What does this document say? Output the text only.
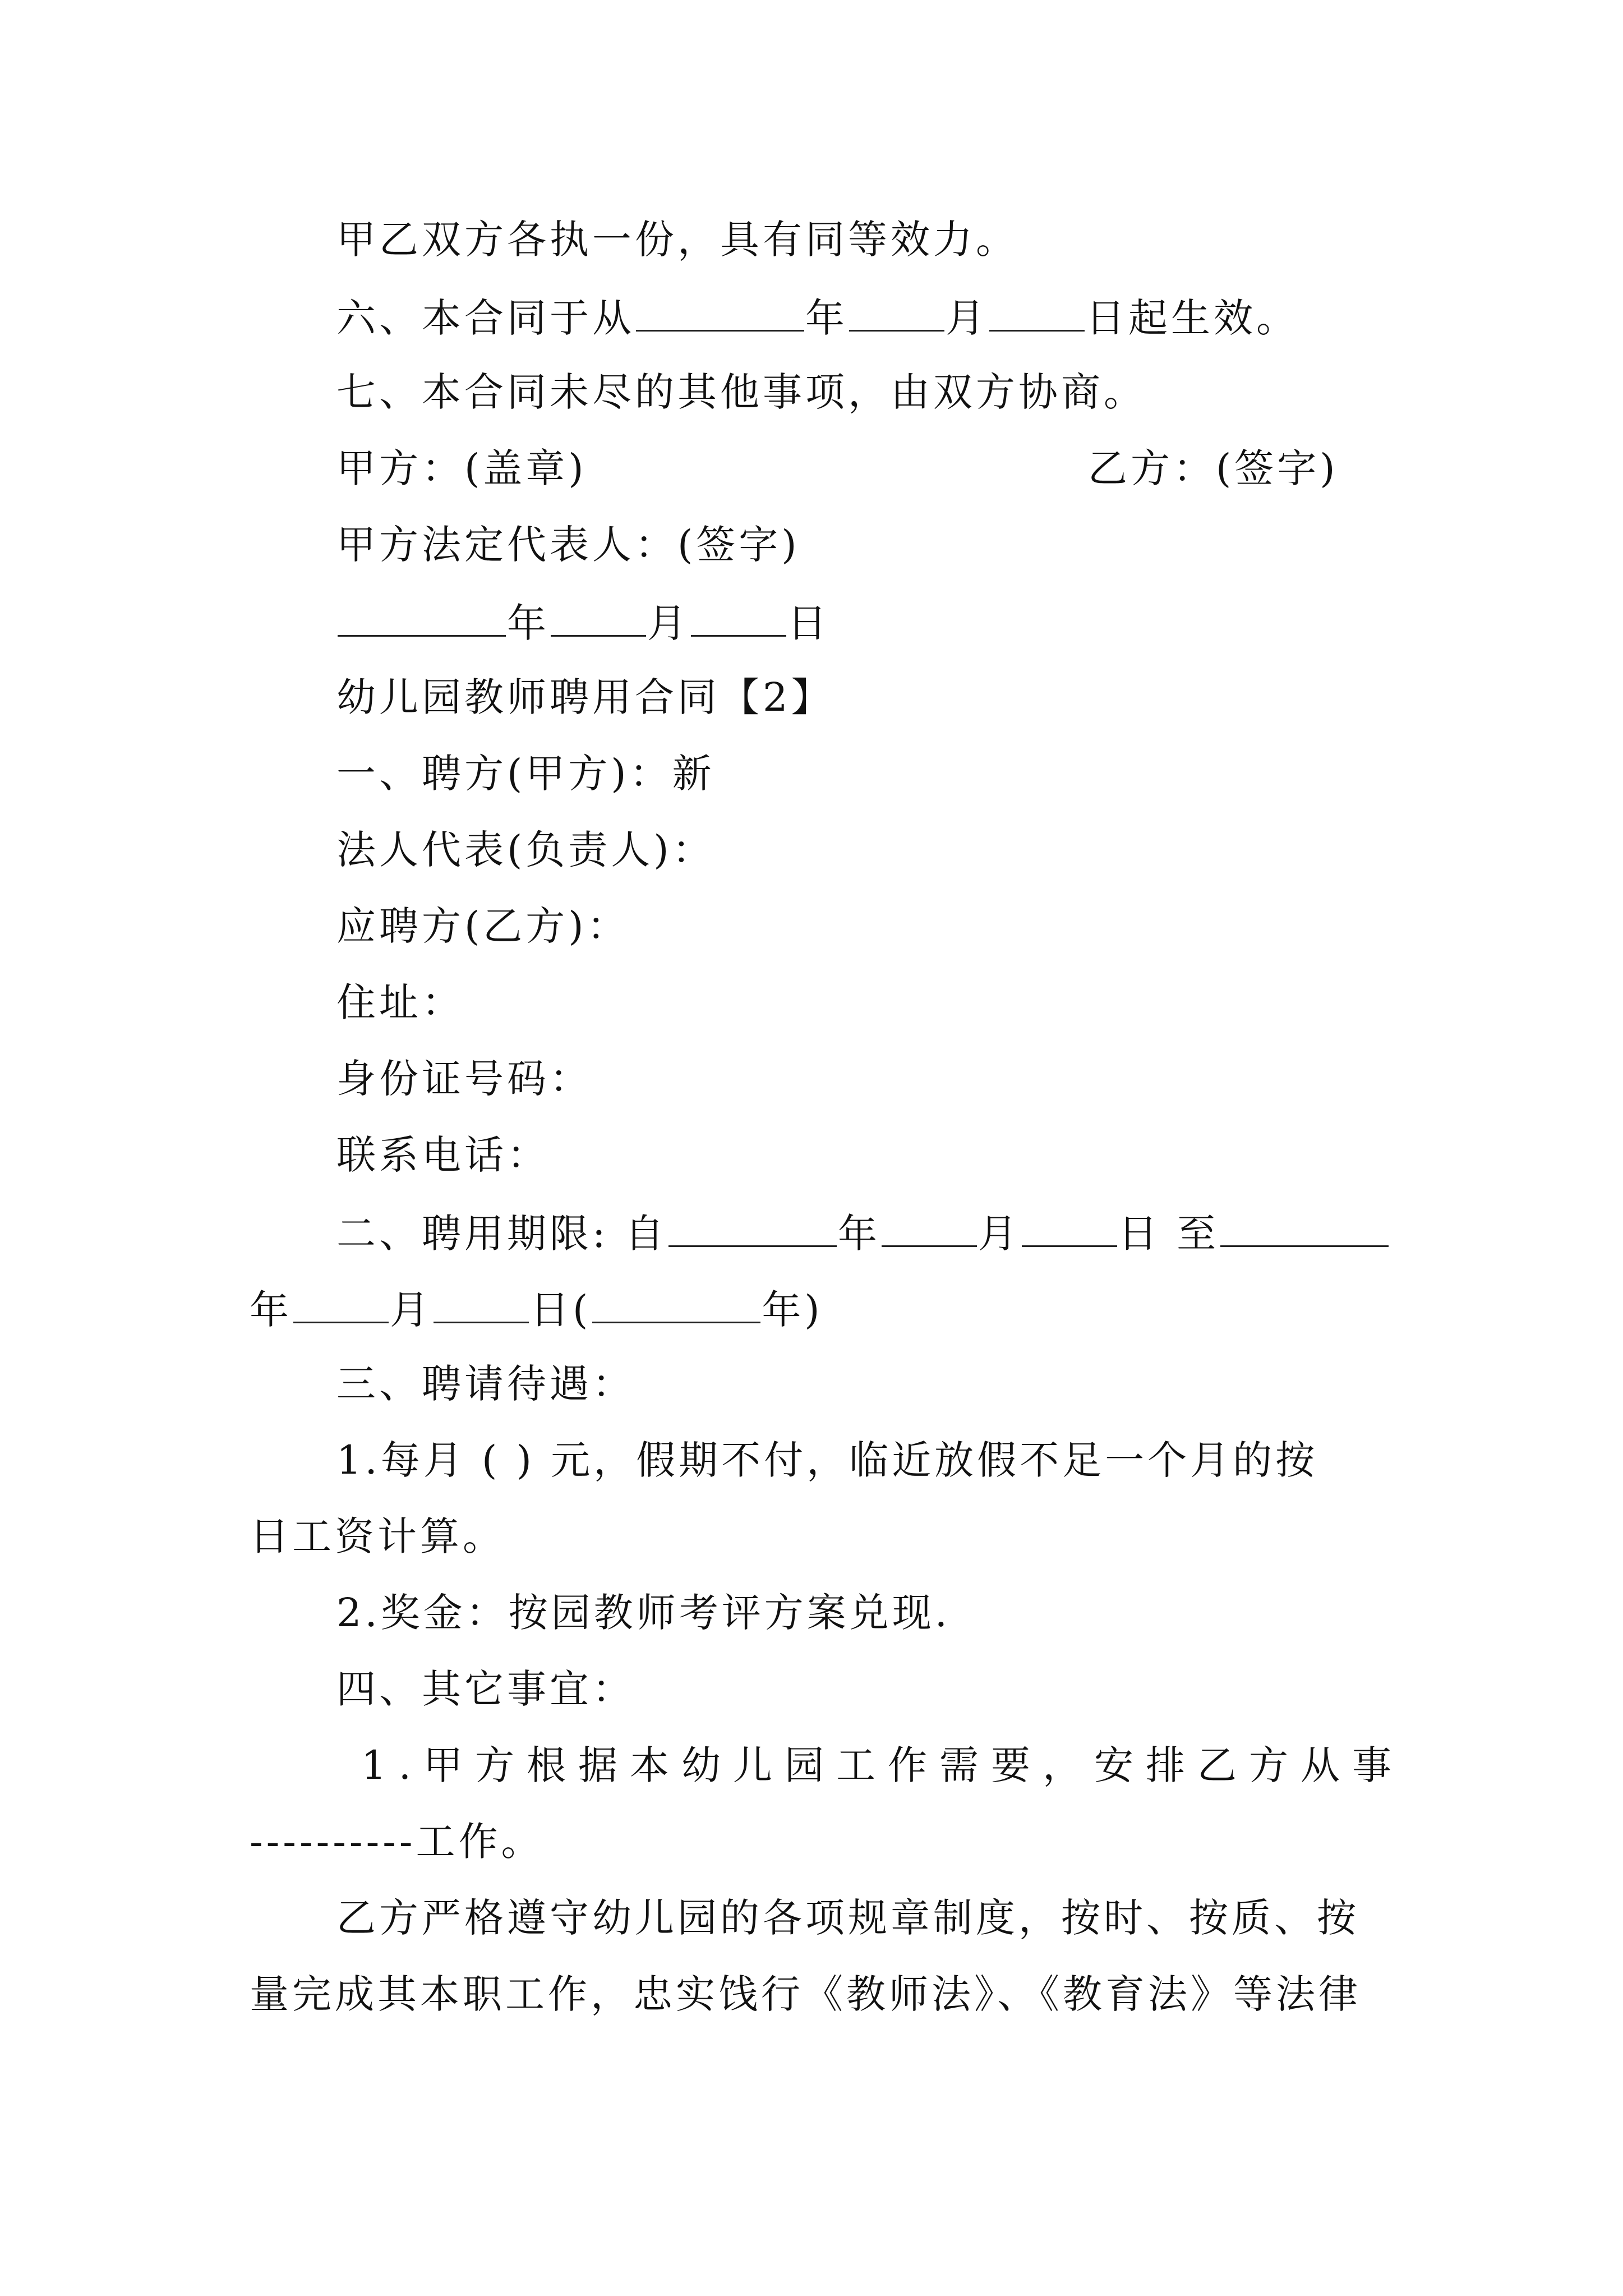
甲乙双方各执一份，具有同等效力。
六、本合同于从	年 月 日起生效。
七、本合同未尽的其他事项，由双方协商。
甲方：(盖章)	乙方：(签字)
甲方法定代表人：(签字)
年 月 日
幼儿园教师聘用合同【2】
一、聘方(甲方)：新
法人代表(负责人)：
应聘方(乙方)：
住址：
身份证号码：
联系电话：
二、聘用期限: 自	年 月 日 至
年 月 日(	年)
三、聘请待遇：
1.每月 ( ) 元，假期不付，临近放假不足一个月的按
日工资计算。
2.奖金：按园教师考评方案兑现.
四、其它事宜：
1.甲方根据本幼儿园工作需要，安排乙方从事
----------工作。
乙方严格遵守幼儿园的各项规章制度，按时、按质、按
量完成其本职工作，忠实饯行《教师法》、《教育法》等法律
